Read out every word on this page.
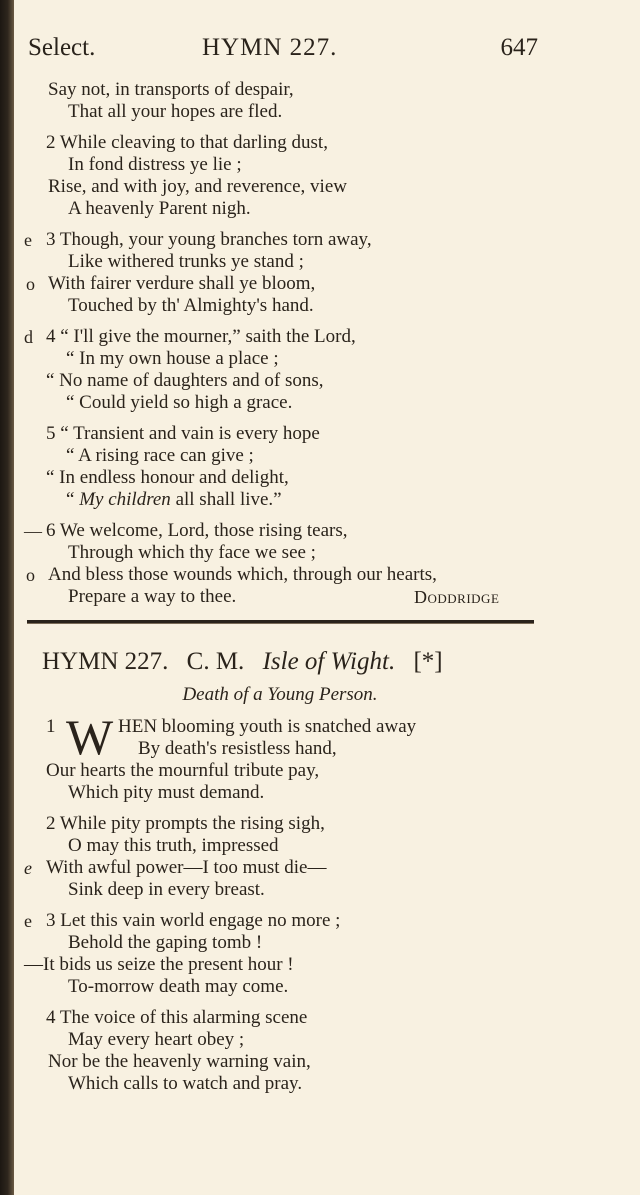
Select.	HYMN 227.	647
Say not, in transports of despair,
That all your hopes are fled.
2 While cleaving to that darling dust,
In fond distress ye lie ;
Rise, and with joy, and reverence, view
A heavenly Parent nigh.
e 3 Though, your young branches torn away,
Like withered trunks ye stand ;
o With fairer verdure shall ye bloom,
Touched by th' Almighty's hand.
d 4 “ I'll give the mourner,” saith the Lord,
“ In my own house a place ;
“ No name of daughters and of sons,
“ Could yield so high a grace.
5 “ Transient and vain is every hope
“ A rising race can give ;
“ In endless honour and delight,
“ My children all shall live.”
— 6 We welcome, Lord, those rising tears,
Through which thy face we see ;
o And bless those wounds which, through our hearts,
Prepare a way to thee.	Doddridge
HYMN 227. C. M. Isle of Wight. [*]
Death of a Young Person.
1 W HEN blooming youth is snatched away
By death's resistless hand,
Our hearts the mournful tribute pay,
Which pity must demand.
2 While pity prompts the rising sigh,
O may this truth, impressed
e With awful power—I too must die—
Sink deep in every breast.
e 3 Let this vain world engage no more ;
Behold the gaping tomb !
—It bids us seize the present hour !
To-morrow death may come.
4 The voice of this alarming scene
May every heart obey ;
Nor be the heavenly warning vain,
Which calls to watch and pray.
